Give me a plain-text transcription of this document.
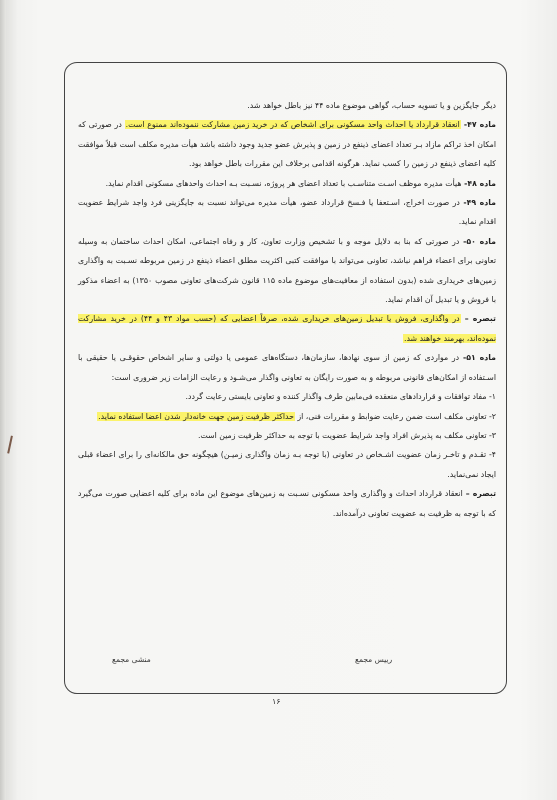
دیگر جایگزین و یا تسویه حساب، گواهی موضوع ماده ۴۴ نیز باطل خواهد شد.

ماده ۴۷- انعقاد قرارداد یا احداث واحد مسکونی برای اشخاص که در خرید زمین مشارکت ننموده‌اند ممنوع است. در صورتی که امکان اخذ تراکم مازاد بـر تعداد اعضای ذینفع در زمین و پذیرش عضو جدید وجود داشته باشد هیأت مدیره مکلف است قبلاً موافقت کلیه اعضای ذینفع در زمین را کسب نماید. هرگونه اقدامی برخلاف این مقررات باطل خواهد بود.

ماده ۴۸- هیأت مدیره موظف اسـت متناسـب با تعداد اعضای هر پروژه، نسـبت بـه احداث واحدهای مسکونی اقدام نماید.

ماده ۴۹- در صورت اخراج، اسـتعفا یا فـسخ قرارداد عضو، هیأت مدیره می‌تواند نسبت به جایگزینی فرد واجد شرایط عضویت اقدام نماید.

ماده ۵۰- در صورتی که بنا به دلایل موجه و با تشخیص وزارت تعاون، کار و رفاه اجتماعی، امکان احداث ساختمان به وسیله تعاونی برای اعضاء فراهم نباشد، تعاونی می‌تواند با موافقت کتبی اکثریت مطلق اعضاء ذینفع در زمین مربوطه نسـبت به واگذاری زمین‌های خریداری شده (بدون استفاده از معافیت‌های موضوع ماده ۱۱۵ قانون شرکت‌های تعاونی مصوب ۱۳۵۰) به اعضاء مذکور با فروش و یا تبدیل آن اقدام نماید.

تبصره – در واگذاری، فروش یا تبدیل زمین‌های خریداری شده، صرفاً اعضایی که (حسب مواد ۴۳ و ۴۴) در خرید مشارکت نموده‌اند، بهرمند خواهند شد.

ماده ۵۱- در مواردی که زمین از سوی نهادها، سازمان‌ها، دستگاه‌های عمومی یا دولتی و سایر اشخاص حقوقـی یا حقیقی با اسـتفاده از امکان‌های قانونی مربوطه و به صورت رایگان به تعاونی واگذار می‌شـود و رعایت الزامات زیر ضروری است:

۱- مفاد توافقات و قراردادهای منعقده فی‌مابین طرف واگذار کننده و تعاونی بایستی رعایت گردد.

۲- تعاونی مکلف است ضمن رعایت ضوابط و مقررات فنی، از حداکثر ظرفیت زمین جهت خانه‌دار شدن اعضا استفاده نماید.

۳- تعاونی مکلف به پذیرش افراد واجد شرایط عضویت با توجه به حداکثر ظرفیت زمین است.

۴- تقـدم و تاخـر زمان عضویت اشـخاص در تعاونی (با توجه بـه زمان واگذاری زمیـن) هیچگونه حق مالکانه‌ای را برای اعضاء قبلی ایجاد نمی‌نماید.

تبصره – انعقاد قرارداد احداث و واگذاری واحد مسکونی نسـبت به زمین‌های موضوع این ماده برای کلیه اعضایی صورت می‌گیرد که با توجه به ظرفیت به عضویت تعاونی درآمده‌اند.

منشی مجمع	رییس مجمع
۱۶
